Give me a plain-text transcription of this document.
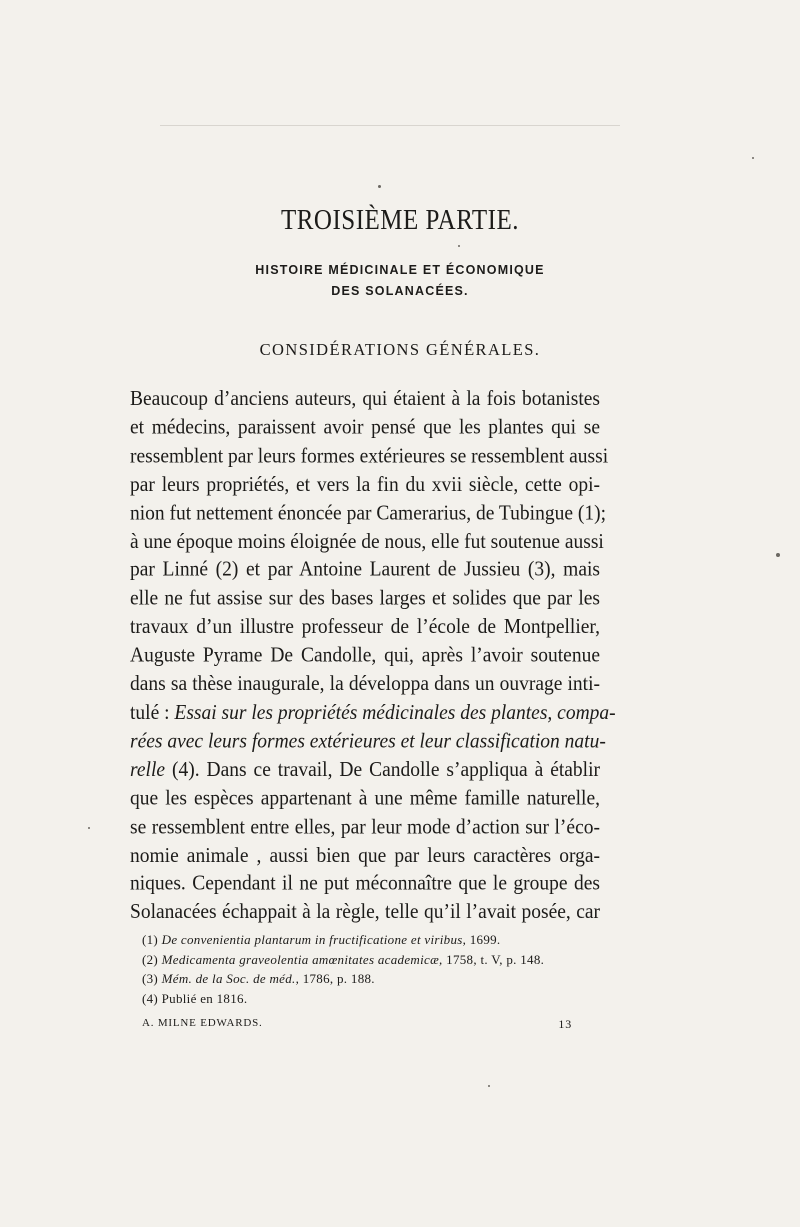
TROISIÈME PARTIE.
HISTOIRE MÉDICINALE ET ÉCONOMIQUE
DES SOLANACÉES.
CONSIDÉRATIONS GÉNÉRALES.
Beaucoup d’anciens auteurs, qui étaient à la fois botanistes
et médecins, paraissent avoir pensé que les plantes qui se
ressemblent par leurs formes extérieures se ressemblent aussi
par leurs propriétés, et vers la fin du xvii siècle, cette opi-
nion fut nettement énoncée par Camerarius, de Tubingue (1);
à une époque moins éloignée de nous, elle fut soutenue aussi
par Linné (2) et par Antoine Laurent de Jussieu (3), mais
elle ne fut assise sur des bases larges et solides que par les
travaux d’un illustre professeur de l’école de Montpellier,
Auguste Pyrame De Candolle, qui, après l’avoir soutenue
dans sa thèse inaugurale, la développa dans un ouvrage inti-
tulé : Essai sur les propriétés médicinales des plantes, compa-
rées avec leurs formes extérieures et leur classification natu-
relle (4). Dans ce travail, De Candolle s’appliqua à établir
que les espèces appartenant à une même famille naturelle,
se ressemblent entre elles, par leur mode d’action sur l’éco-
nomie animale , aussi bien que par leurs caractères orga-
niques. Cependant il ne put méconnaître que le groupe des
Solanacées échappait à la règle, telle qu’il l’avait posée, car
(1) De convenientia plantarum in fructificatione et viribus, 1699.
(2) Medicamenta graveolentia amœnitates academicæ, 1758, t. V, p. 148.
(3) Mém. de la Soc. de méd., 1786, p. 188.
(4) Publié en 1816.
A. MILNE EDWARDS.	13
